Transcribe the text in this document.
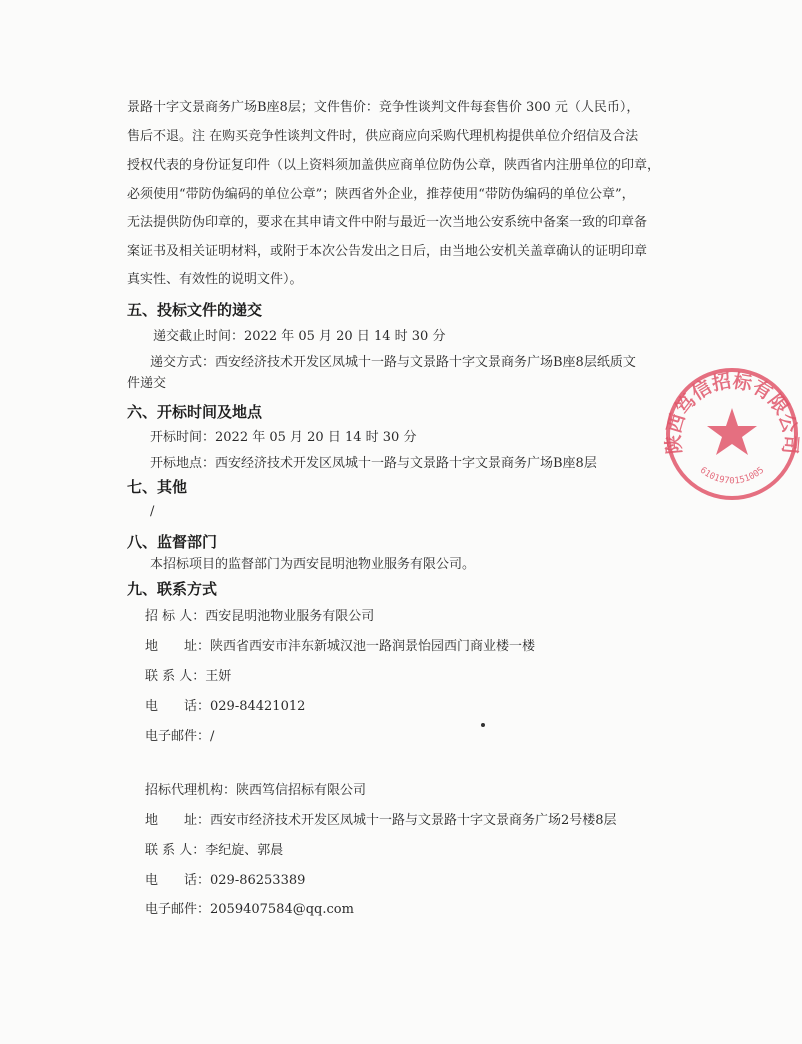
景路十字文景商务广场B座8层；文件售价：竞争性谈判文件每套售价 300 元（人民币），
售后不退。注 在购买竞争性谈判文件时，供应商应向采购代理机构提供单位介绍信及合法
授权代表的身份证复印件（以上资料须加盖供应商单位防伪公章，陕西省内注册单位的印章，
必须使用“带防伪编码的单位公章”；陕西省外企业，推荐使用“带防伪编码的单位公章”，
无法提供防伪印章的，要求在其申请文件中附与最近一次当地公安系统中备案一致的印章备
案证书及相关证明材料，或附于本次公告发出之日后，由当地公安机关盖章确认的证明印章
真实性、有效性的说明文件）。
五、投标文件的递交
递交截止时间：2022 年 05 月 20 日 14 时 30 分
递交方式：西安经济技术开发区凤城十一路与文景路十字文景商务广场B座8层纸质文
件递交
六、开标时间及地点
开标时间：2022 年 05 月 20 日 14 时 30 分
开标地点：西安经济技术开发区凤城十一路与文景路十字文景商务广场B座8层
七、其他
/
八、监督部门
本招标项目的监督部门为西安昆明池物业服务有限公司。
九、联系方式
招 标 人：西安昆明池物业服务有限公司
地　　址：陕西省西安市沣东新城汉池一路润景怡园西门商业楼一楼
联 系 人：王妍
电　　话：029-84421012
电子邮件：/
招标代理机构：陕西笃信招标有限公司
地　　址：西安市经济技术开发区凤城十一路与文景路十字文景商务广场2号楼8层
联 系 人：李纪旋、郭晨
电　　话：029-86253389
电子邮件：2059407584@qq.com
陕西笃信招标有限公司
6101970151005
